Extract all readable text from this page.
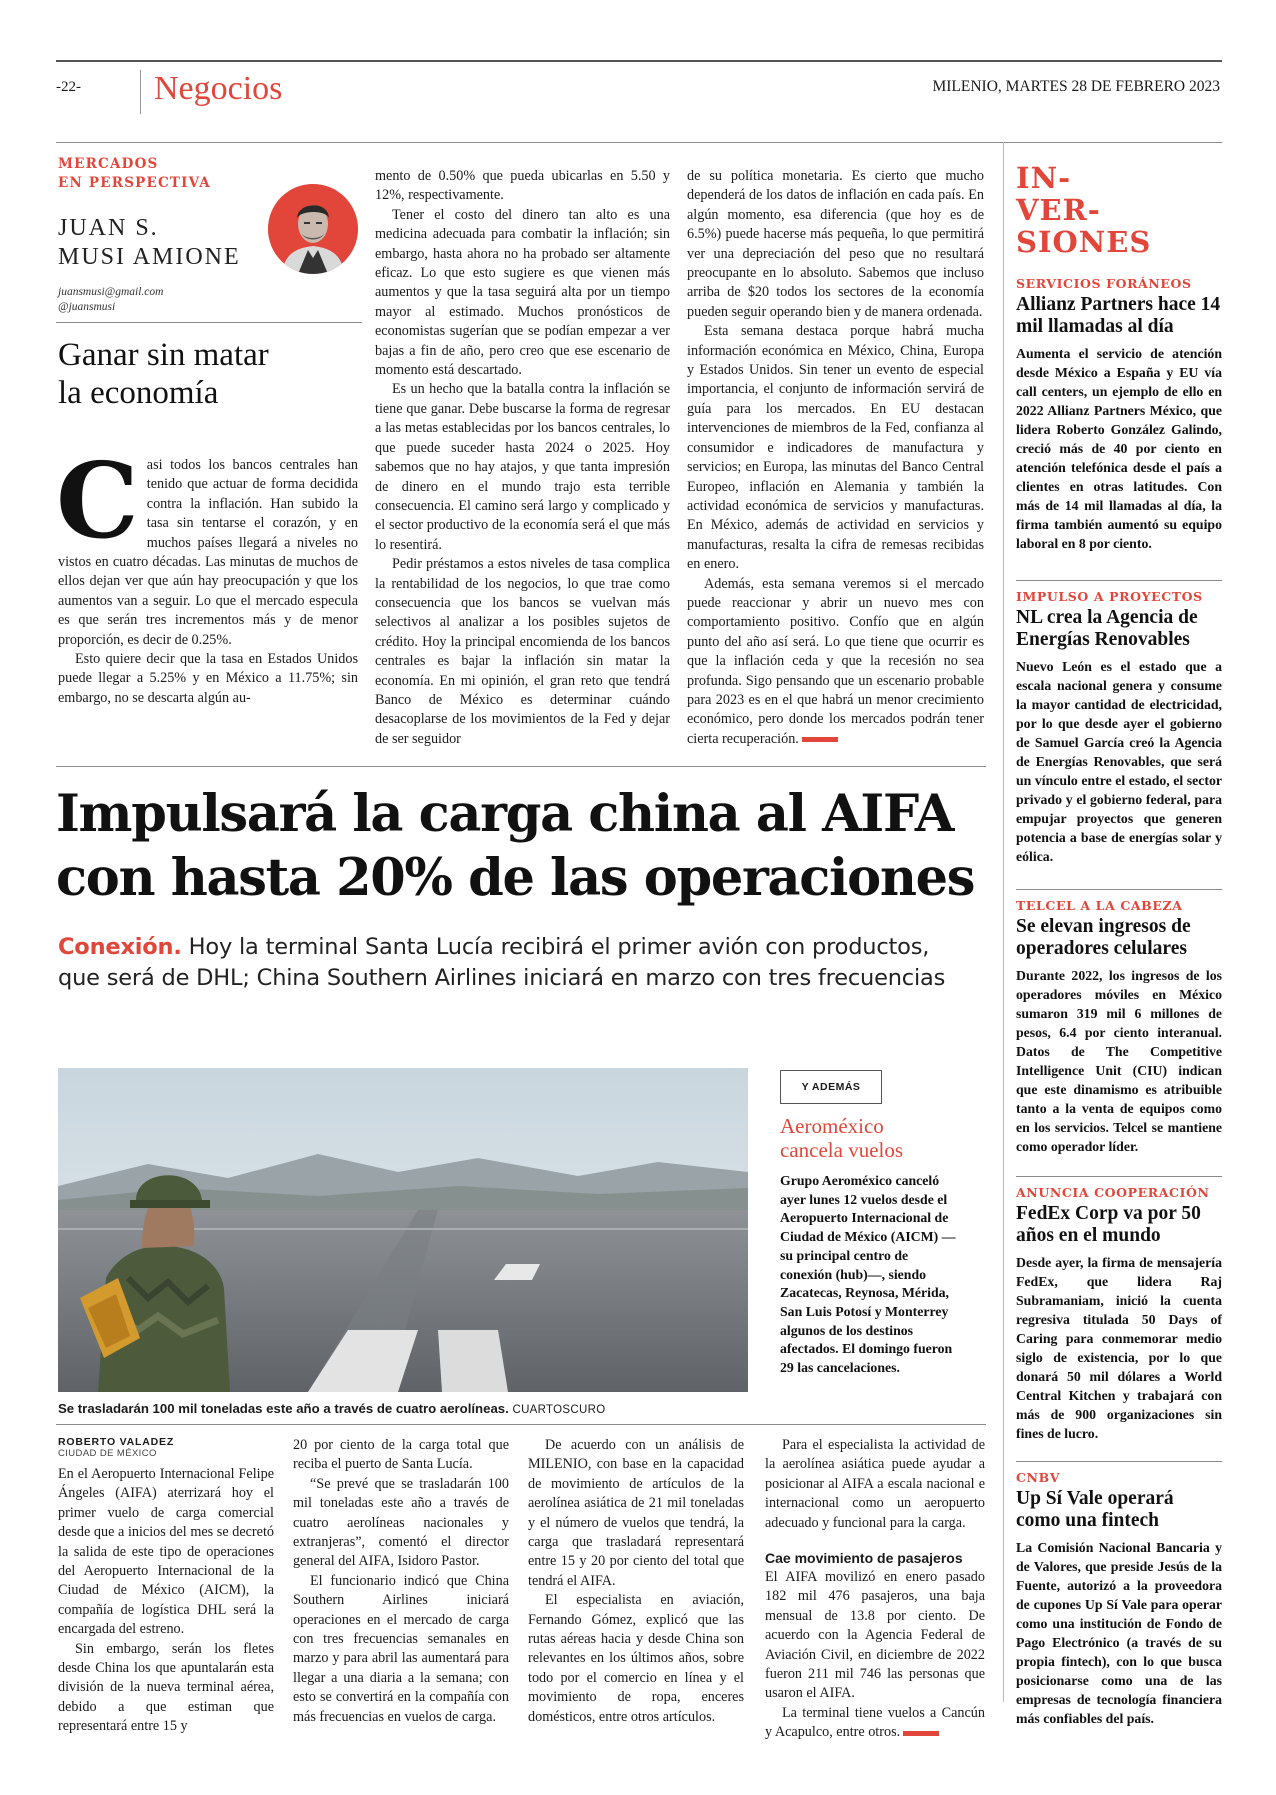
-22- Negocios	MILENIO, MARTES 28 DE FEBRERO 2023
MERCADOS
EN PERSPECTIVA
JUAN S.
MUSI AMIONE
juansmusi@gmail.com
@juansmusi
Ganar sin matar
la economía

C asi todos los bancos centrales han tenido que actuar de forma decidida contra la inflación. Han subido la tasa sin tentarse el corazón, y en muchos países llegará a niveles no vistos en cuatro décadas. Las minutas de muchos de ellos dejan ver que aún hay preocupación y que los aumentos van a seguir. Lo que el mercado especula es que serán tres incrementos más y de menor proporción, es decir de 0.25%.

Esto quiere decir que la tasa en Estados Unidos puede llegar a 5.25% y en México a 11.75%; sin embargo, no se descarta algún au-

mento de 0.50% que pueda ubicarlas en 5.50 y 12%, respectivamente.

Tener el costo del dinero tan alto es una medicina adecuada para combatir la inflación; sin embargo, hasta ahora no ha probado ser altamente eficaz. Lo que esto sugiere es que vienen más aumentos y que la tasa seguirá alta por un tiempo mayor al estimado. Muchos pronósticos de economistas sugerían que se podían empezar a ver bajas a fin de año, pero creo que ese escenario de momento está descartado.

Es un hecho que la batalla contra la inflación se tiene que ganar. Debe buscarse la forma de regresar a las metas establecidas por los bancos centrales, lo que puede suceder hasta 2024 o 2025. Hoy sabemos que no hay atajos, y que tanta impresión de dinero en el mundo trajo esta terrible consecuencia. El camino será largo y complicado y el sector productivo de la economía será el que más lo resentirá.

Pedir préstamos a estos niveles de tasa complica la rentabilidad de los negocios, lo que trae como consecuencia que los bancos se vuelvan más selectivos al analizar a los posibles sujetos de crédito. Hoy la principal encomienda de los bancos centrales es bajar la inflación sin matar la economía. En mi opinión, el gran reto que tendrá Banco de México es determinar cuándo desacoplarse de los movimientos de la Fed y dejar de ser seguidor

de su política monetaria. Es cierto que mucho dependerá de los datos de inflación en cada país. En algún momento, esa diferencia (que hoy es de 6.5%) puede hacerse más pequeña, lo que permitirá ver una depreciación del peso que no resultará preocupante en lo absoluto. Sabemos que incluso arriba de $20 todos los sectores de la economía pueden seguir operando bien y de manera ordenada.

Esta semana destaca porque habrá mucha información económica en México, China, Europa y Estados Unidos. Sin tener un evento de especial importancia, el conjunto de información servirá de guía para los mercados. En EU destacan intervenciones de miembros de la Fed, confianza al consumidor e indicadores de manufactura y servicios; en Europa, las minutas del Banco Central Europeo, inflación en Alemania y también la actividad económica de servicios y manufacturas. En México, además de actividad en servicios y manufacturas, resalta la cifra de remesas recibidas en enero.

Además, esta semana veremos si el mercado puede reaccionar y abrir un nuevo mes con comportamiento positivo. Confío que en algún punto del año así será. Lo que tiene que ocurrir es que la inflación ceda y que la recesión no sea profunda. Sigo pensando que un escenario probable para 2023 es en el que habrá un menor crecimiento económico, pero donde los mercados podrán tener cierta recuperación.

Impulsará la carga china al AIFA
con hasta 20% de las operaciones
Conexión. Hoy la terminal Santa Lucía recibirá el primer avión con productos,
que será de DHL; China Southern Airlines iniciará en marzo con tres frecuencias
Se trasladarán 100 mil toneladas este año a través de cuatro aerolíneas. CUARTOSCURO
ROBERTO VALADEZ
CIUDAD DE MÉXICO

En el Aeropuerto Internacional Felipe Ángeles (AIFA) aterrizará hoy el primer vuelo de carga comercial desde que a inicios del mes se decretó la salida de este tipo de operaciones del Aeropuerto Internacional de la Ciudad de México (AICM), la compañía de logística DHL será la encargada del estreno.

Sin embargo, serán los fletes desde China los que apuntalarán esta división de la nueva terminal aérea, debido a que estiman que representará entre 15 y

20 por ciento de la carga total que reciba el puerto de Santa Lucía.

“Se prevé que se trasladarán 100 mil toneladas este año a través de cuatro aerolíneas nacionales y extranjeras”, comentó el director general del AIFA, Isidoro Pastor.

El funcionario indicó que China Southern Airlines iniciará operaciones en el mercado de carga con tres frecuencias semanales en marzo y para abril las aumentará para llegar a una diaria a la semana; con esto se convertirá en la compañía con más frecuencias en vuelos de carga.

De acuerdo con un análisis de MILENIO, con base en la capacidad de movimiento de artículos de la aerolínea asiática de 21 mil toneladas y el número de vuelos que tendrá, la carga que trasladará representará entre 15 y 20 por ciento del total que tendrá el AIFA.

El especialista en aviación, Fernando Gómez, explicó que las rutas aéreas hacia y desde China son relevantes en los últimos años, sobre todo por el comercio en línea y el movimiento de ropa, enceres domésticos, entre otros artículos.

Para el especialista la actividad de la aerolínea asiática puede ayudar a posicionar al AIFA a escala nacional e internacional como un aeropuerto adecuado y funcional para la carga.

Cae movimiento de pasajeros

El AIFA movilizó en enero pasado 182 mil 476 pasajeros, una baja mensual de 13.8 por ciento. De acuerdo con la Agencia Federal de Aviación Civil, en diciembre de 2022 fueron 211 mil 746 las personas que usaron el AIFA.

La terminal tiene vuelos a Cancún y Acapulco, entre otros.

Y ADEMÁS
Aeroméxico
cancela vuelos
Grupo Aeroméxico canceló ayer lunes 12 vuelos desde el Aeropuerto Internacional de Ciudad de México (AICM) — su principal centro de conexión (hub)—, siendo Zacatecas, Reynosa, Mérida, San Luis Potosí y Monterrey algunos de los destinos afectados. El domingo fueron 29 las cancelaciones.
IN-
VER-
SIONES
SERVICIOS FORÁNEOS
Allianz Partners hace 14 mil llamadas al día
Aumenta el servicio de atención desde México a España y EU vía call centers, un ejemplo de ello en 2022 Allianz Partners México, que lidera Roberto González Galindo, creció más de 40 por ciento en atención telefónica desde el país a clientes en otras latitudes. Con más de 14 mil llamadas al día, la firma también aumentó su equipo laboral en 8 por ciento.
IMPULSO A PROYECTOS
NL crea la Agencia de Energías Renovables
Nuevo León es el estado que a escala nacional genera y consume la mayor cantidad de electricidad, por lo que desde ayer el gobierno de Samuel García creó la Agencia de Energías Renovables, que será un vínculo entre el estado, el sector privado y el gobierno federal, para empujar proyectos que generen potencia a base de energías solar y eólica.
TELCEL A LA CABEZA
Se elevan ingresos de operadores celulares
Durante 2022, los ingresos de los operadores móviles en México sumaron 319 mil 6 millones de pesos, 6.4 por ciento interanual. Datos de The Competitive Intelligence Unit (CIU) indican que este dinamismo es atribuible tanto a la venta de equipos como en los servicios. Telcel se mantiene como operador líder.
ANUNCIA COOPERACIÓN
FedEx Corp va por 50 años en el mundo
Desde ayer, la firma de mensajería FedEx, que lidera Raj Subramaniam, inició la cuenta regresiva titulada 50 Days of Caring para conmemorar medio siglo de existencia, por lo que donará 50 mil dólares a World Central Kitchen y trabajará con más de 900 organizaciones sin fines de lucro.
CNBV
Up Sí Vale operará como una fintech
La Comisión Nacional Bancaria y de Valores, que preside Jesús de la Fuente, autorizó a la proveedora de cupones Up Sí Vale para operar como una institución de Fondo de Pago Electrónico (a través de su propia fintech), con lo que busca posicionarse como una de las empresas de tecnología financiera más confiables del país.
